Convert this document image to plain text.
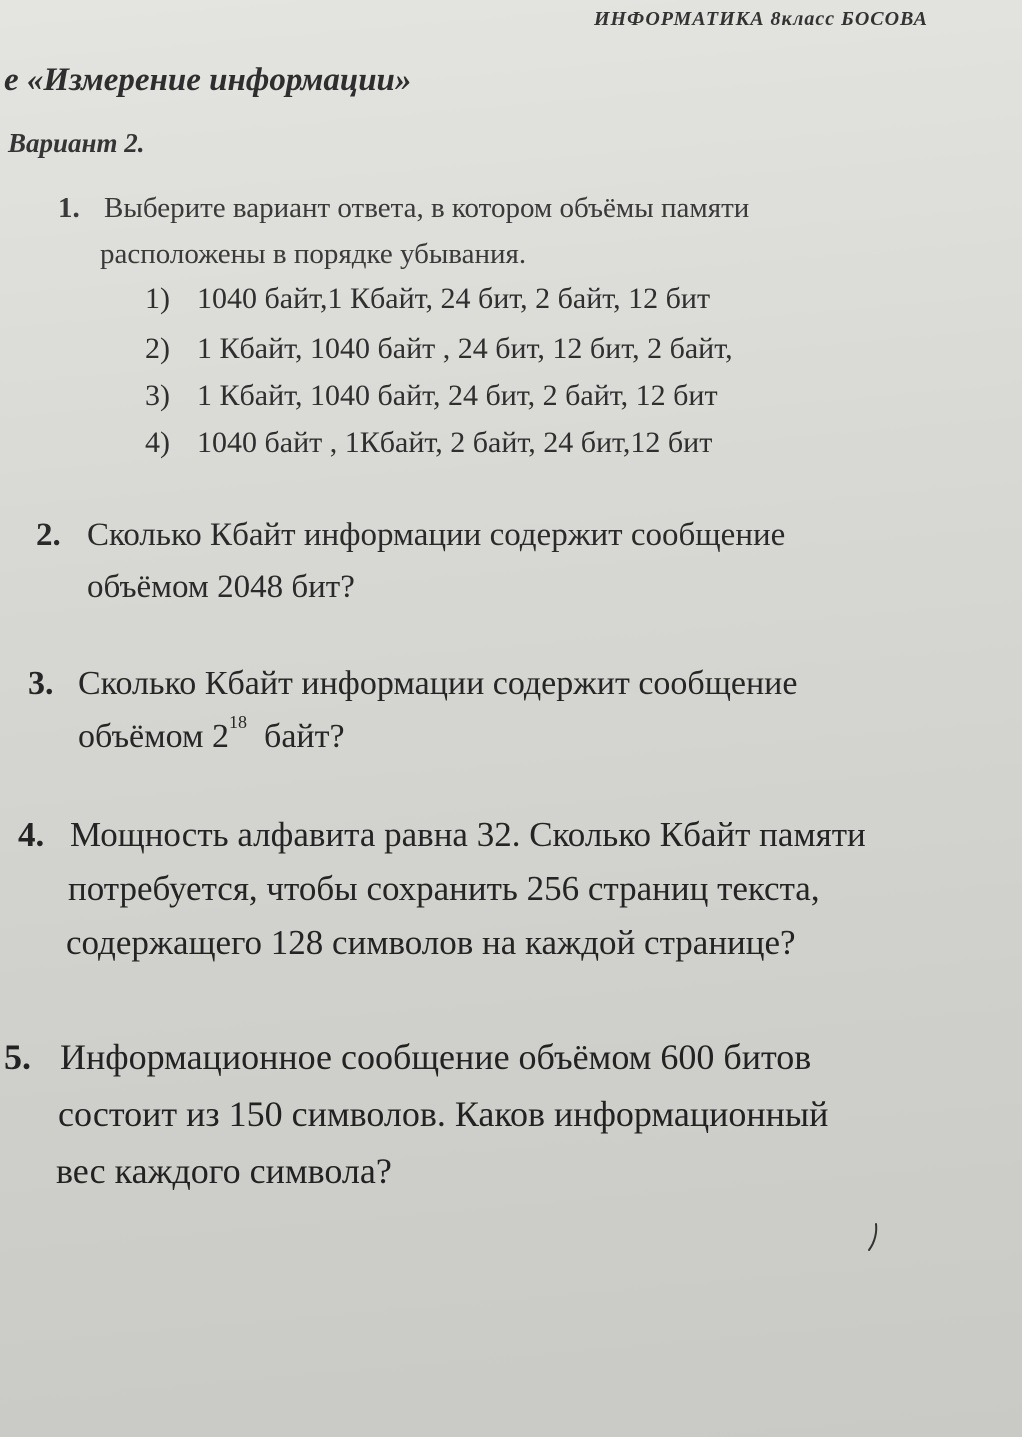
ИНФОРМАТИКА 8класс БОСОВА
е «Измерение информации»
Вариант 2.
1. Выберите вариант ответа, в котором объёмы памяти
расположены в порядке убывания.
1) 1040 байт,1 Кбайт, 24 бит, 2 байт, 12 бит
2) 1 Кбайт, 1040 байт , 24 бит, 12 бит, 2 байт,
3) 1 Кбайт, 1040 байт, 24 бит, 2 байт, 12 бит
4) 1040 байт , 1Кбайт, 2 байт, 24 бит,12 бит
2. Сколько Кбайт информации содержит сообщение
объёмом 2048 бит?
3. Сколько Кбайт информации содержит сообщение
объёмом $2^{18}$  байт?
4. Мощность алфавита равна 32. Сколько Кбайт памяти
потребуется, чтобы сохранить 256 страниц текста,
содержащего 128 символов на каждой странице?
5. Информационное сообщение объёмом 600 битов
состоит из 150 символов. Каков информационный
вес каждого символа?
